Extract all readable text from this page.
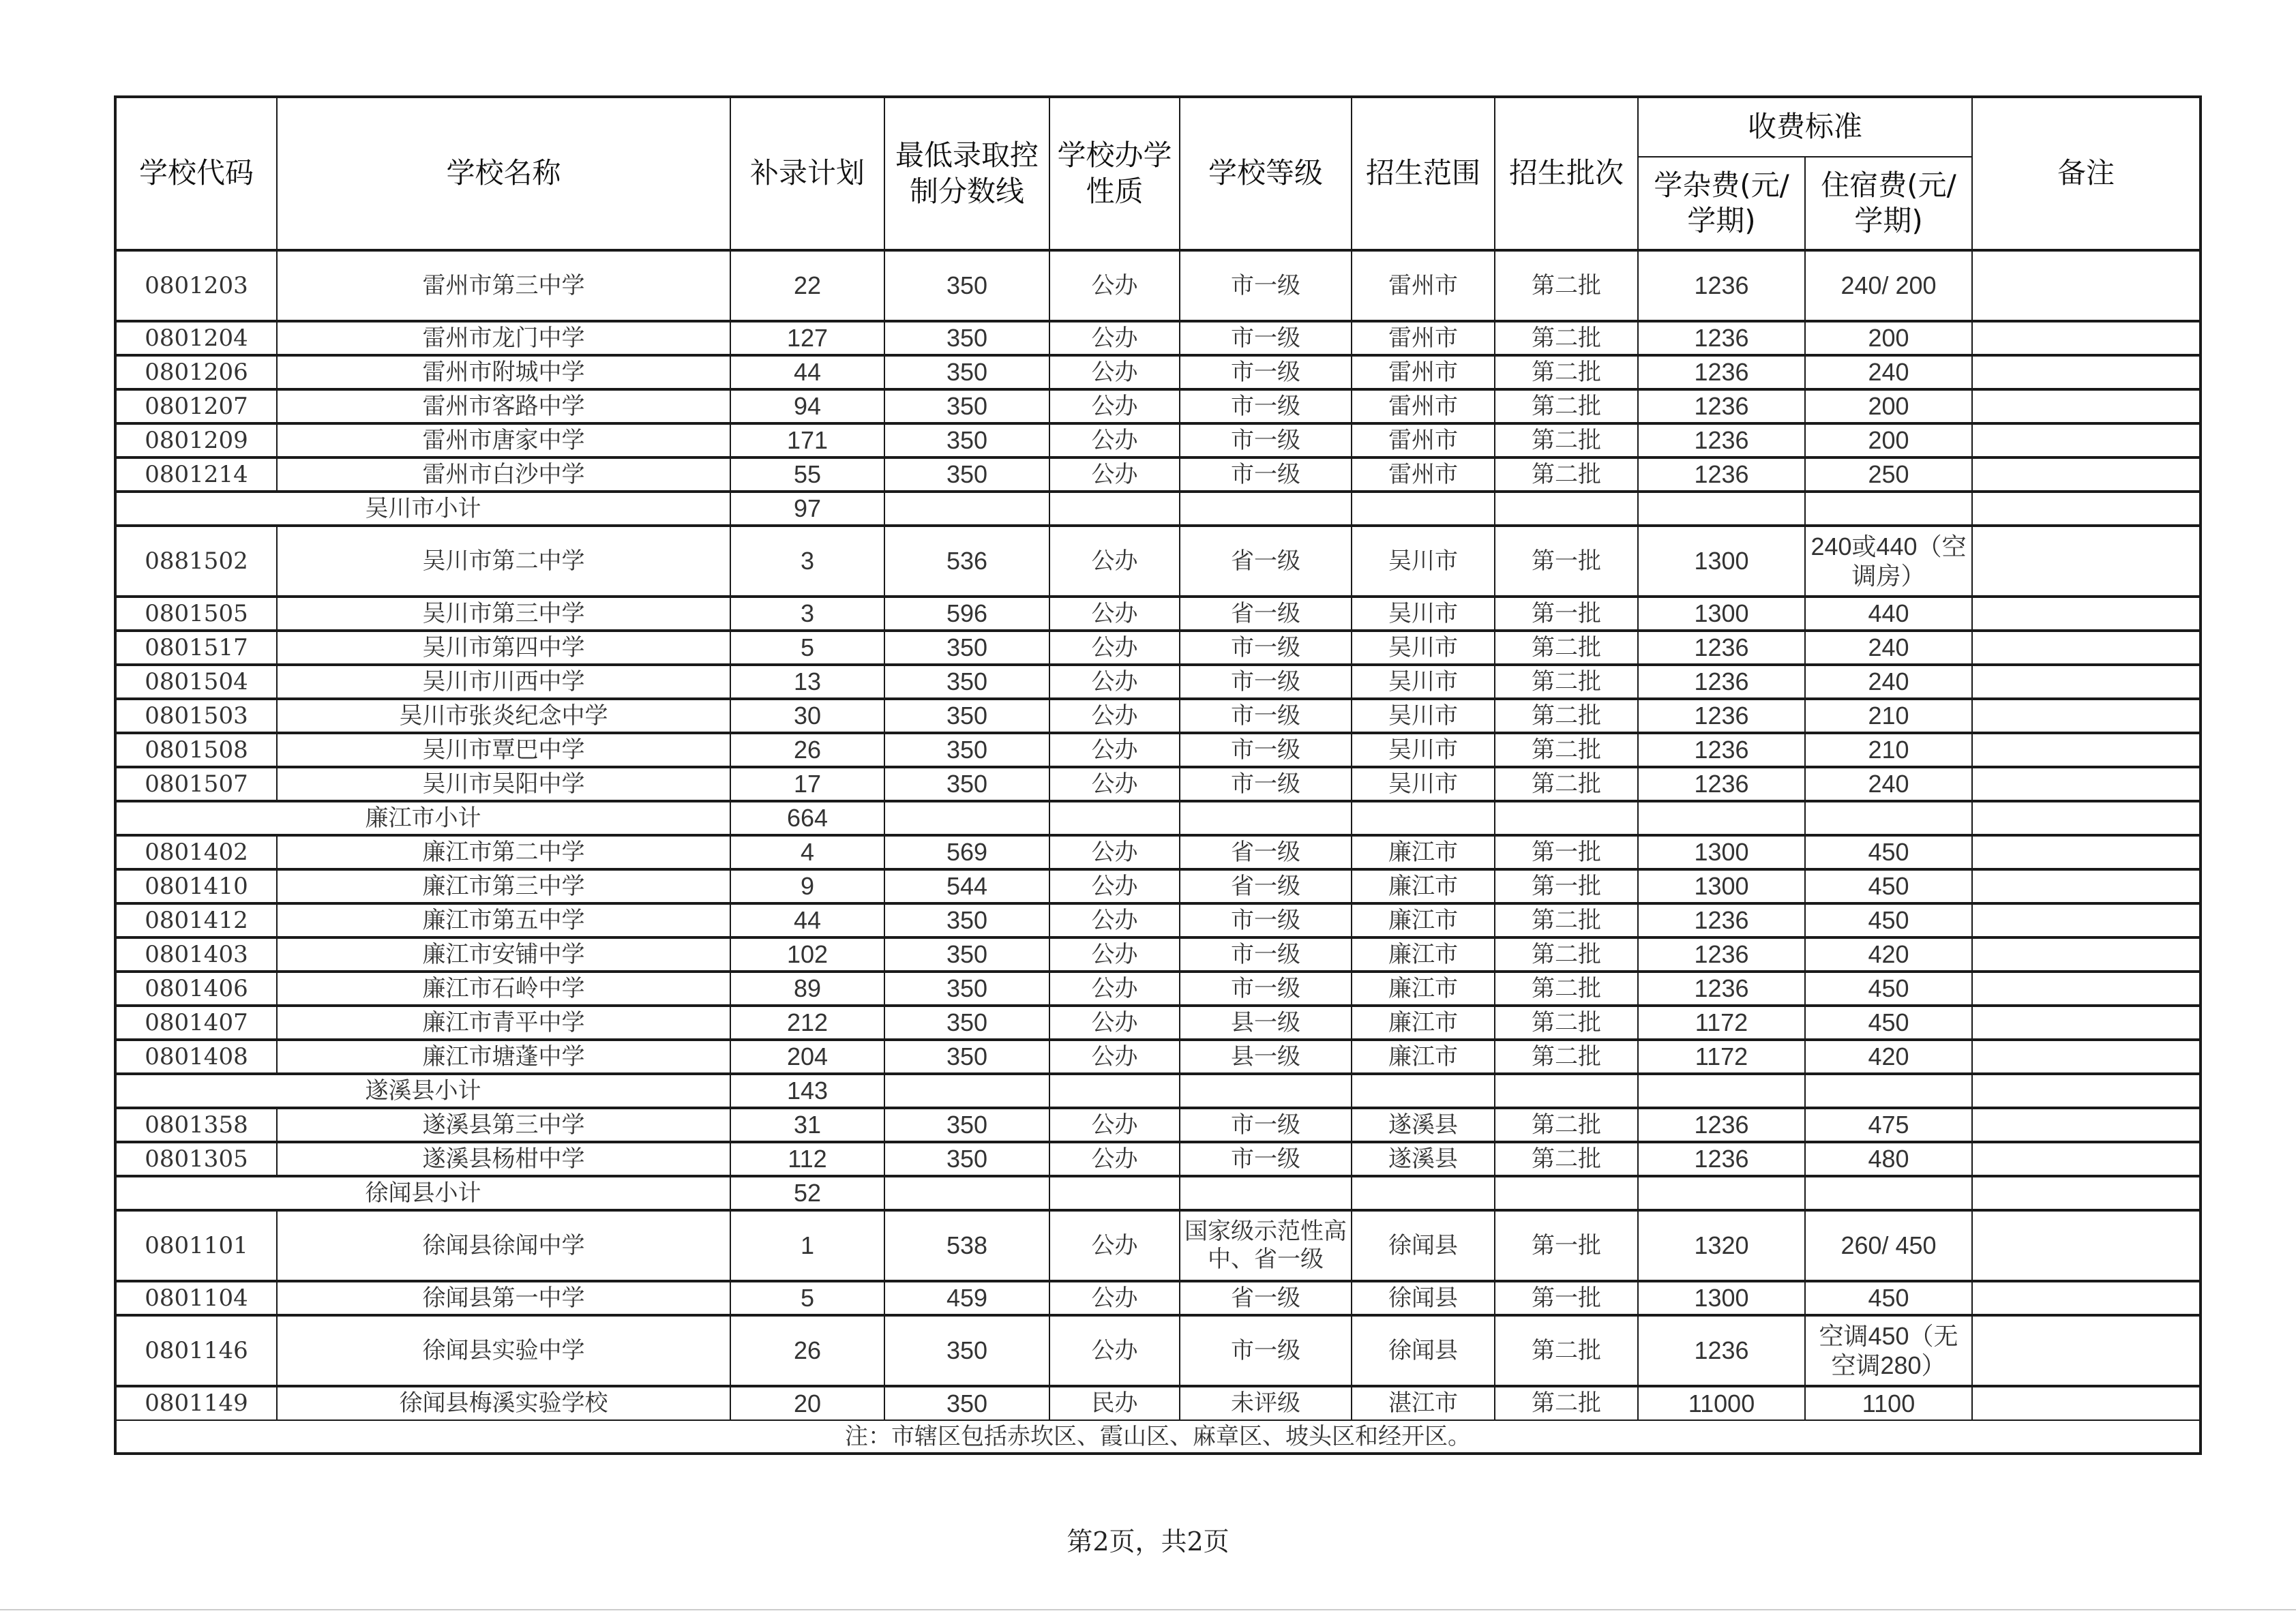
学校代码	学校名称	补录计划	最低录取控制分数线	学校办学性质	学校等级	招生范围	招生批次	收费标准		备注
								学杂费(元/学期)	住宿费(元/学期)	
0801203	雷州市第三中学	22	350	公办	市一级	雷州市	第二批	1236	240/ 200	
0801204	雷州市龙门中学	127	350	公办	市一级	雷州市	第二批	1236	200	
0801206	雷州市附城中学	44	350	公办	市一级	雷州市	第二批	1236	240	
0801207	雷州市客路中学	94	350	公办	市一级	雷州市	第二批	1236	200	
0801209	雷州市唐家中学	171	350	公办	市一级	雷州市	第二批	1236	200	
0801214	雷州市白沙中学	55	350	公办	市一级	雷州市	第二批	1236	250	
吴川市小计		97								
0881502	吴川市第二中学	3	536	公办	省一级	吴川市	第一批	1300	240或440（空调房）	
0801505	吴川市第三中学	3	596	公办	省一级	吴川市	第一批	1300	440	
0801517	吴川市第四中学	5	350	公办	市一级	吴川市	第二批	1236	240	
0801504	吴川市川西中学	13	350	公办	市一级	吴川市	第二批	1236	240	
0801503	吴川市张炎纪念中学	30	350	公办	市一级	吴川市	第二批	1236	210	
0801508	吴川市覃巴中学	26	350	公办	市一级	吴川市	第二批	1236	210	
0801507	吴川市吴阳中学	17	350	公办	市一级	吴川市	第二批	1236	240	
廉江市小计		664								
0801402	廉江市第二中学	4	569	公办	省一级	廉江市	第一批	1300	450	
0801410	廉江市第三中学	9	544	公办	省一级	廉江市	第一批	1300	450	
0801412	廉江市第五中学	44	350	公办	市一级	廉江市	第二批	1236	450	
0801403	廉江市安铺中学	102	350	公办	市一级	廉江市	第二批	1236	420	
0801406	廉江市石岭中学	89	350	公办	市一级	廉江市	第二批	1236	450	
0801407	廉江市青平中学	212	350	公办	县一级	廉江市	第二批	1172	450	
0801408	廉江市塘蓬中学	204	350	公办	县一级	廉江市	第二批	1172	420	
遂溪县小计		143								
0801358	遂溪县第三中学	31	350	公办	市一级	遂溪县	第二批	1236	475	
0801305	遂溪县杨柑中学	112	350	公办	市一级	遂溪县	第二批	1236	480	
徐闻县小计		52								
0801101	徐闻县徐闻中学	1	538	公办	国家级示范性高中、省一级	徐闻县	第一批	1320	260/ 450	
0801104	徐闻县第一中学	5	459	公办	省一级	徐闻县	第一批	1300	450	
0801146	徐闻县实验中学	26	350	公办	市一级	徐闻县	第二批	1236	空调450（无空调280）	
0801149	徐闻县梅溪实验学校	20	350	民办	未评级	湛江市	第二批	11000	1100	
注：市辖区包括赤坎区、霞山区、麻章区、坡头区和经开区。										
第2页，共2页
